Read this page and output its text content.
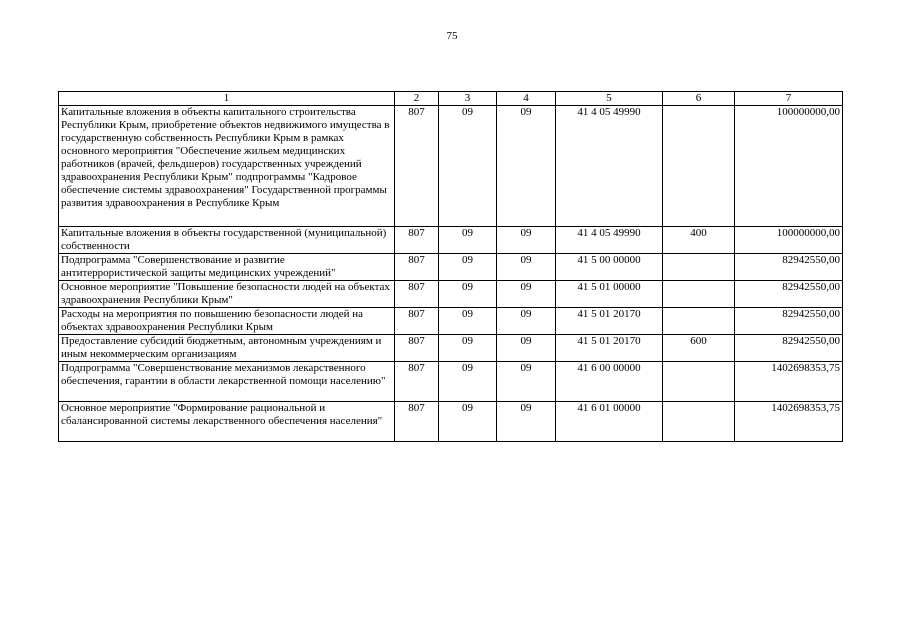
75
1	2	3	4	5	6	7
Капитальные вложения в объекты капитального строительства Республики Крым, приобретение объектов недвижимого имущества в государственную собственность Республики Крым в рамках основного мероприятия "Обеспечение жильем медицинских работников (врачей, фельдшеров) государственных учреждений здравоохранения Республики Крым" подпрограммы "Кадровое обеспечение системы здравоохранения" Государственной программы развития здравоохранения в Республике Крым	807	09	09	41 4 05 49990		100000000,00
Капитальные вложения в объекты государственной (муниципальной) собственности	807	09	09	41 4 05 49990	400	100000000,00
Подпрограмма "Совершенствование и развитие антитеррористической защиты медицинских учреждений"	807	09	09	41 5 00 00000		82942550,00
Основное мероприятие "Повышение безопасности людей на объектах здравоохранения Республики Крым"	807	09	09	41 5 01 00000		82942550,00
Расходы на мероприятия по повышению безопасности людей на объектах здравоохранения Республики Крым	807	09	09	41 5 01 20170		82942550,00
Предоставление субсидий бюджетным, автономным учреждениям и иным некоммерческим организациям	807	09	09	41 5 01 20170	600	82942550,00
Подпрограмма "Совершенствование механизмов лекарственного обеспечения, гарантии в области лекарственной помощи населению"	807	09	09	41 6 00 00000		1402698353,75
Основное мероприятие "Формирование рациональной и сбалансированной системы лекарственного обеспечения населения"	807	09	09	41 6 01 00000		1402698353,75
